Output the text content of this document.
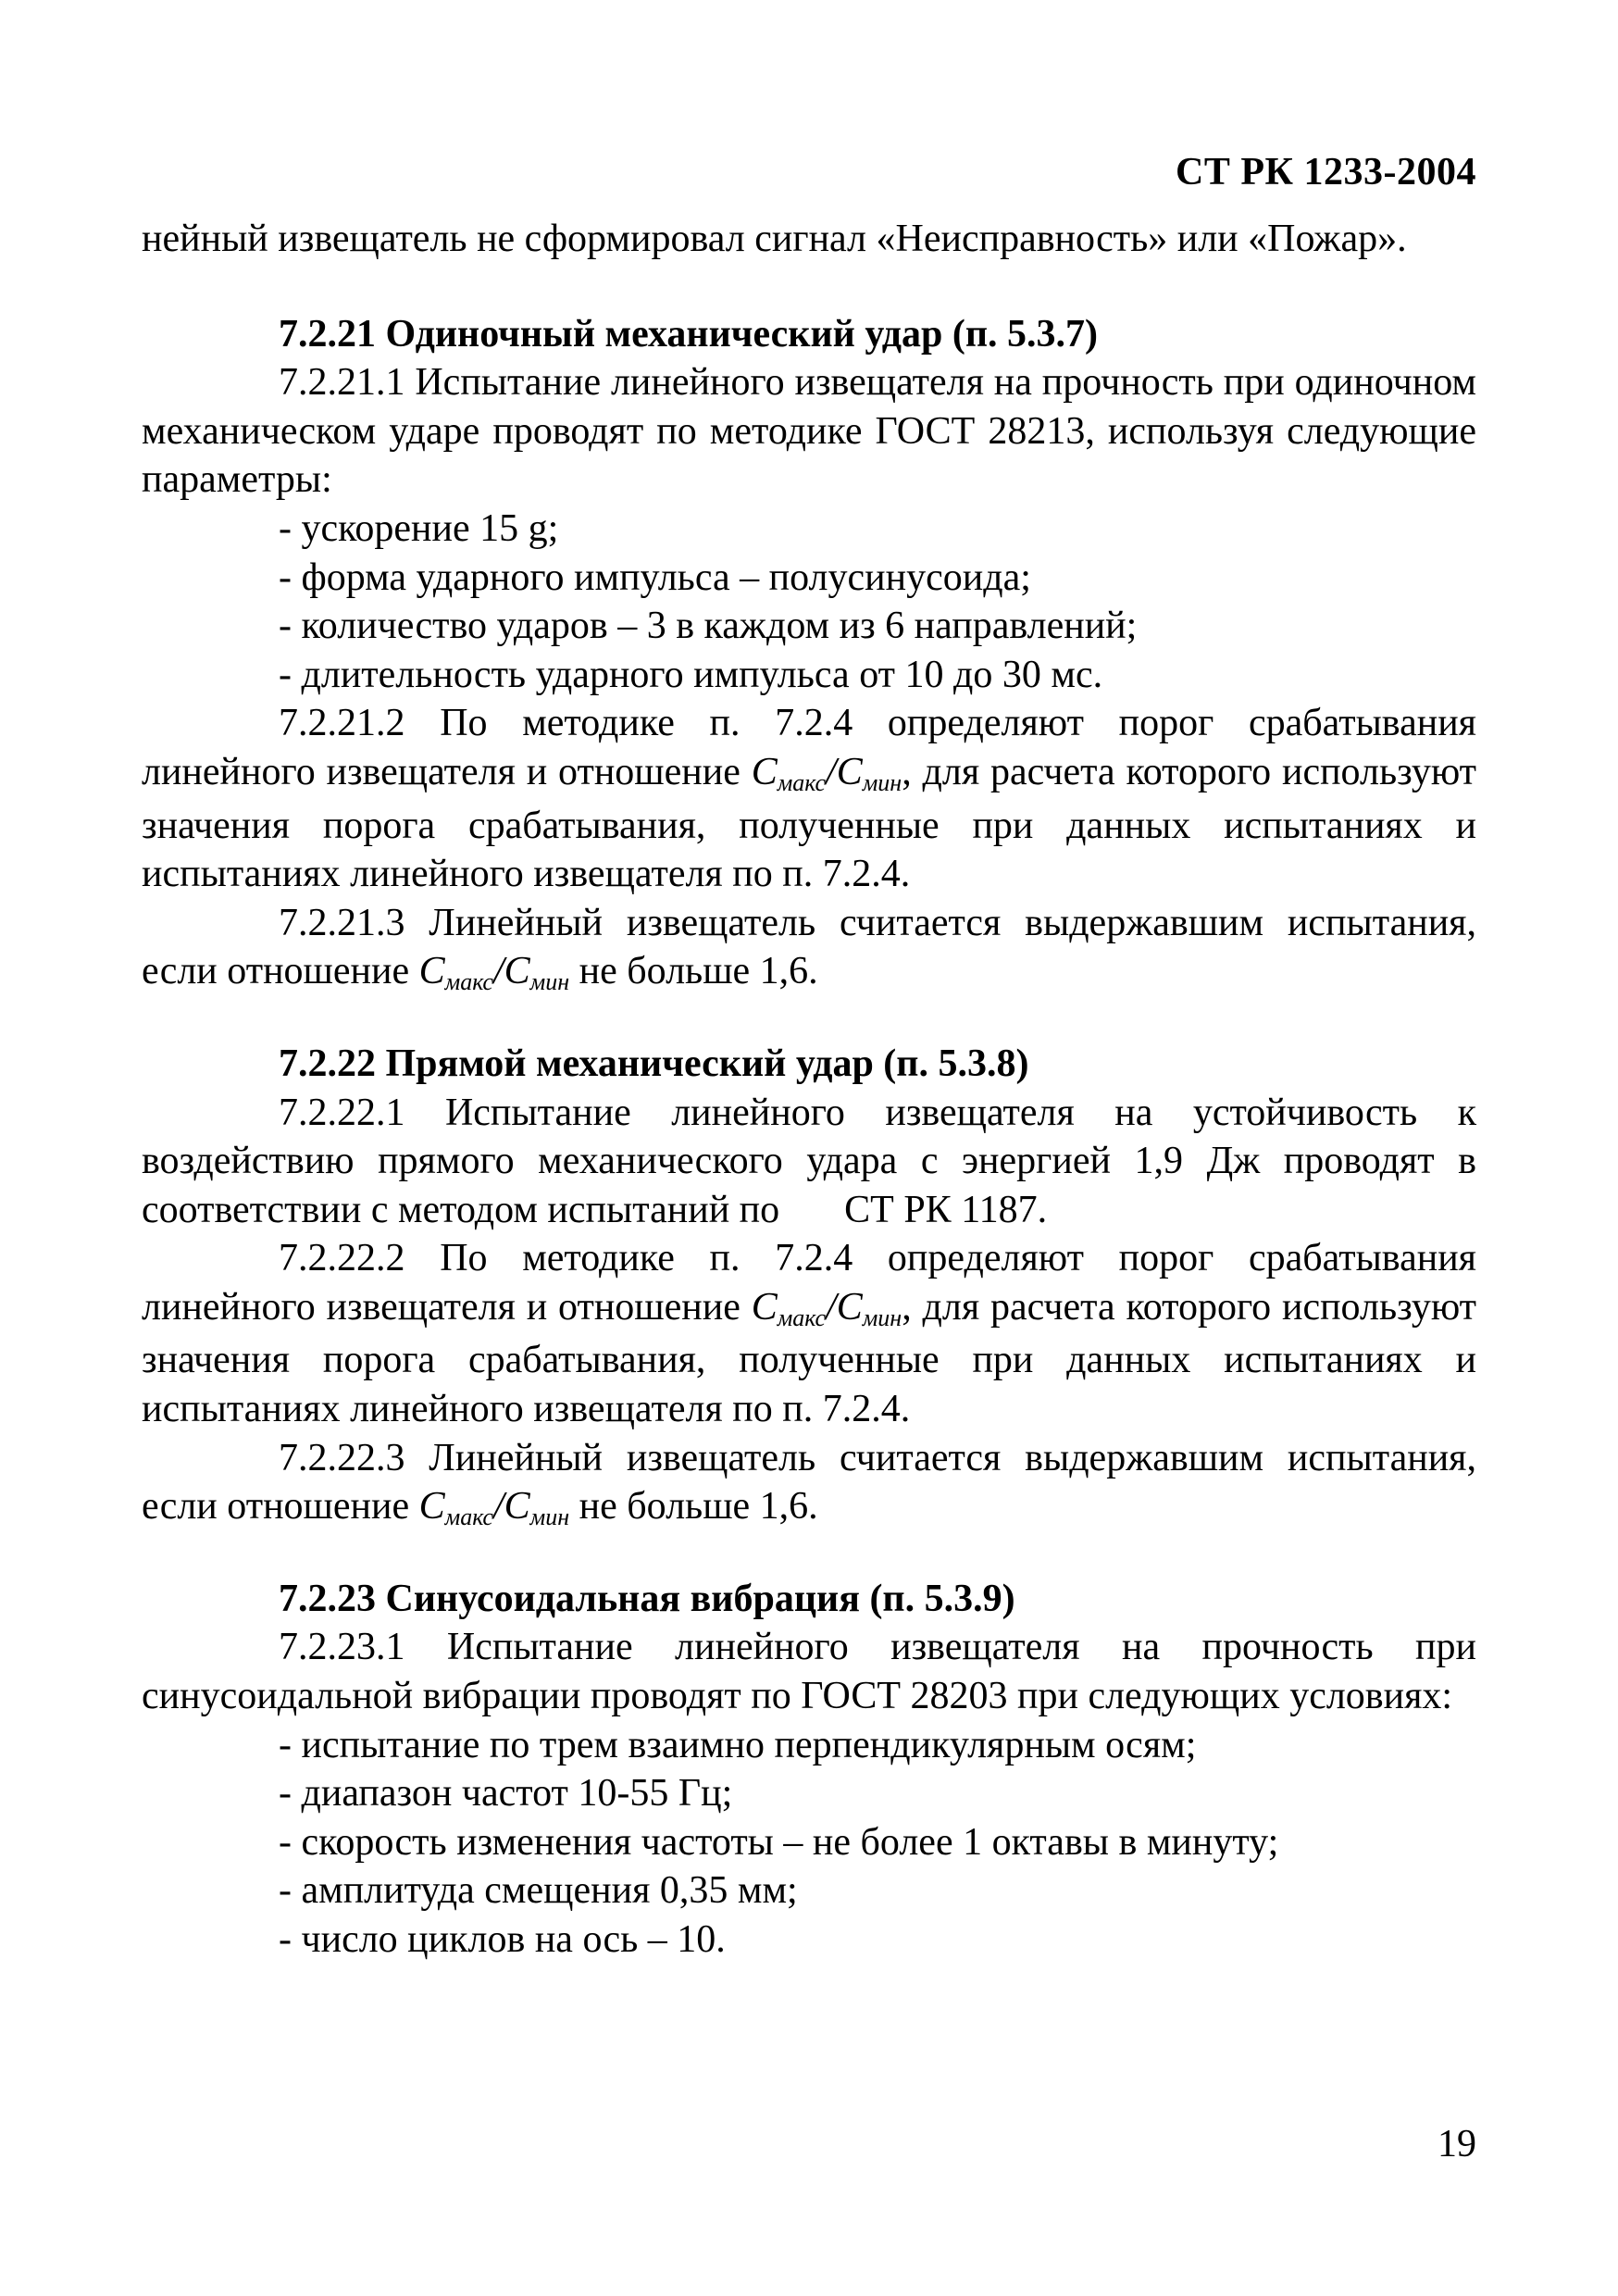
СТ РК 1233-2004

нейный извещатель не сформировал сигнал «Неисправность» или «Пожар».

7.2.21 Одиночный механический удар (п. 5.3.7)

7.2.21.1 Испытание линейного извещателя на прочность при одиночном механическом ударе проводят по методике ГОСТ 28213, используя следующие параметры:

- ускорение 15 g;
- форма ударного импульса – полусинусоида;
- количество ударов – 3 в каждом из 6 направлений;
- длительность ударного импульса от 10 до 30 мс.

7.2.21.2 По методике п. 7.2.4 определяют порог срабатывания линейного извещателя и отношение Cмакс/Cмин, для расчета которого используют значения порога срабатывания, полученные при данных испытаниях и испытаниях линейного извещателя по п. 7.2.4.

7.2.21.3 Линейный извещатель считается выдержавшим испытания, если отношение Cмакс/Cмин не больше 1,6.

7.2.22 Прямой механический удар (п. 5.3.8)

7.2.22.1 Испытание линейного извещателя на устойчивость к воздействию прямого механического удара с энергией 1,9 Дж проводят в соответствии с методом испытаний по СТ РК 1187.

7.2.22.2 По методике п. 7.2.4 определяют порог срабатывания линейного извещателя и отношение Cмакс/Cмин, для расчета которого используют значения порога срабатывания, полученные при данных испытаниях и испытаниях линейного извещателя по п. 7.2.4.

7.2.22.3 Линейный извещатель считается выдержавшим испытания, если отношение Cмакс/Cмин не больше 1,6.

7.2.23 Синусоидальная вибрация (п. 5.3.9)

7.2.23.1 Испытание линейного извещателя на прочность при синусоидальной вибрации проводят по ГОСТ 28203 при следующих условиях:

- испытание по трем взаимно перпендикулярным осям;
- диапазон частот 10-55 Гц;
- скорость изменения частоты – не более 1 октавы в минуту;
- амплитуда смещения 0,35 мм;
- число циклов на ось – 10.
19
